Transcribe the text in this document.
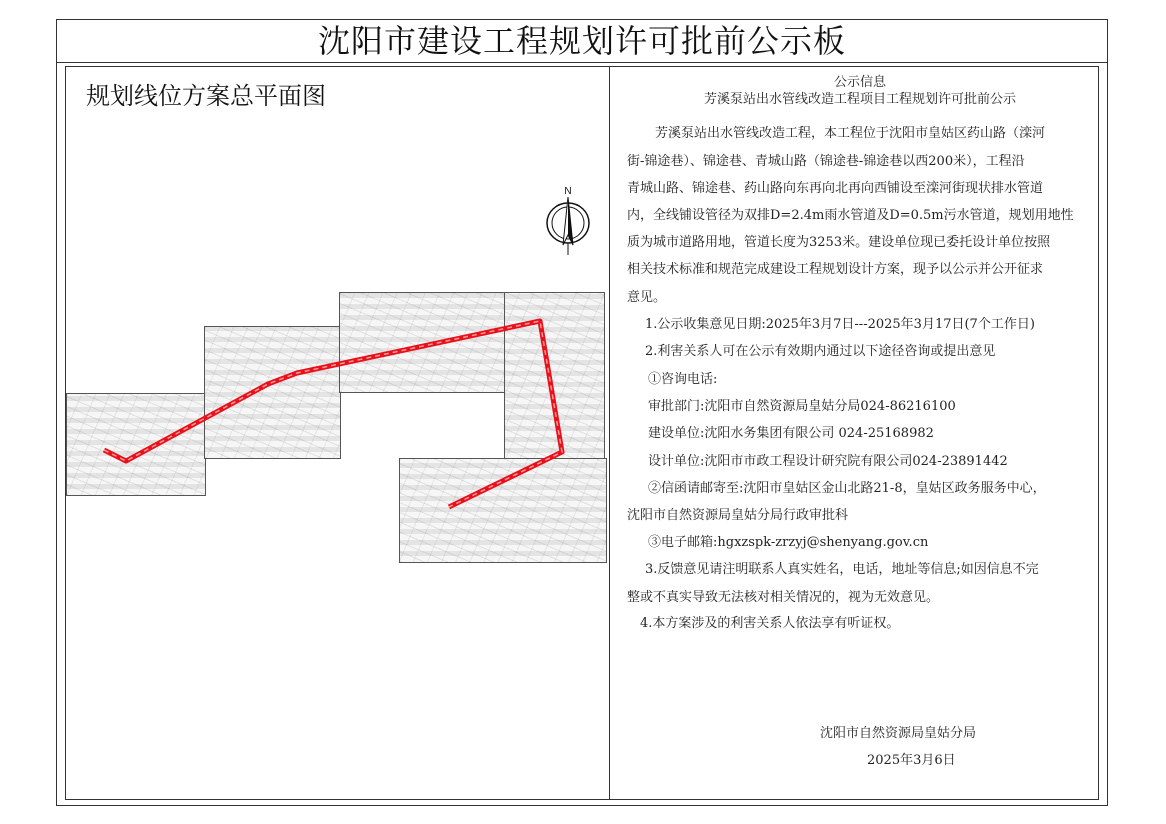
沈阳市建设工程规划许可批前公示板
规划线位方案总平面图
N
公示信息
芳溪泵站出水管线改造工程项目工程规划许可批前公示
芳溪泵站出水管线改造工程，本工程位于沈阳市皇姑区药山路（滦河
街-锦途巷）、锦途巷、青城山路（锦途巷-锦途巷以西200米），工程沿
青城山路、锦途巷、药山路向东再向北再向西铺设至滦河街现状排水管道
内，全线铺设管径为双排D=2.4m雨水管道及D=0.5m污水管道，规划用地性
质为城市道路用地，管道长度为3253米。建设单位现已委托设计单位按照
相关技术标准和规范完成建设工程规划设计方案，现予以公示并公开征求
意见。
1.公示收集意见日期:2025年3月7日---2025年3月17日(7个工作日)
2.利害关系人可在公示有效期内通过以下途径咨询或提出意见
①咨询电话:
审批部门:沈阳市自然资源局皇姑分局024-86216100
建设单位:沈阳水务集团有限公司 024-25168982
设计单位:沈阳市市政工程设计研究院有限公司024-23891442
②信函请邮寄至:沈阳市皇姑区金山北路21-8，皇姑区政务服务中心，
沈阳市自然资源局皇姑分局行政审批科
③电子邮箱:hgxzspk-zrzyj@shenyang.gov.cn
3.反馈意见请注明联系人真实姓名，电话，地址等信息;如因信息不完
整或不真实导致无法核对相关情况的，视为无效意见。
4.本方案涉及的利害关系人依法享有听证权。
沈阳市自然资源局皇姑分局
2025年3月6日
